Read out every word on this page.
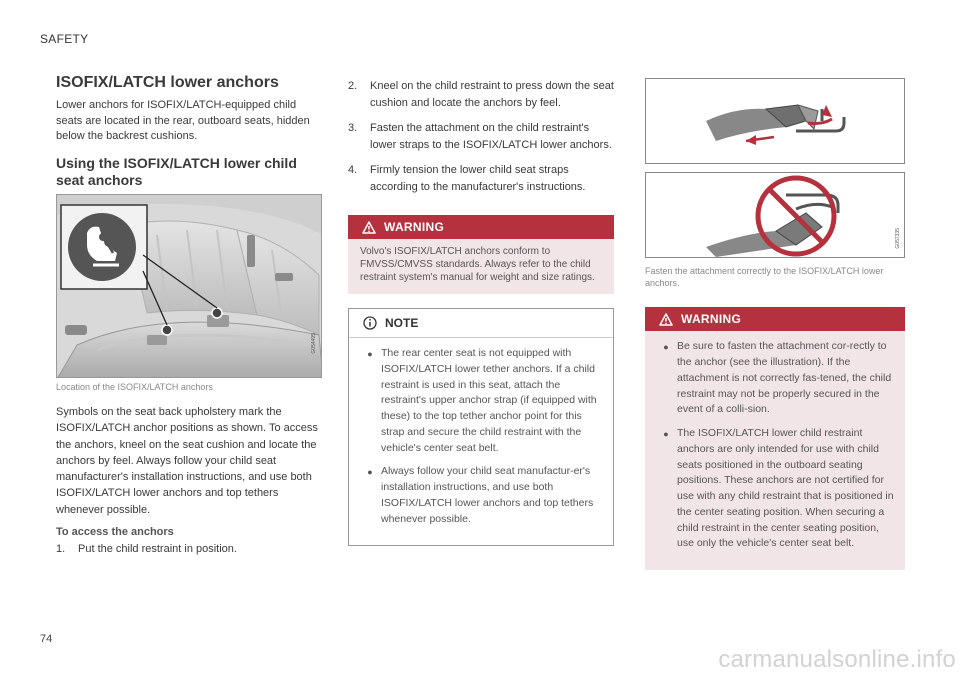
SAFETY
ISOFIX/LATCH lower anchors

Lower anchors for ISOFIX/LATCH-equipped child seats are located in the rear, outboard seats, hidden below the backrest cushions.

Using the ISOFIX/LATCH lower child seat anchors
G054495
Location of the ISOFIX/LATCH anchors

Symbols on the seat back upholstery mark the ISOFIX/LATCH anchor positions as shown. To access the anchors, kneel on the seat cushion and locate the anchors by feel. Always follow your child seat manufacturer's installation instructions, and use both ISOFIX/LATCH lower anchors and top tethers whenever possible.

To access the anchors
1.	Put the child restraint in position.
2.	Kneel on the child restraint to press down the seat cushion and locate the anchors by feel.
3.	Fasten the attachment on the child restraint's lower straps to the ISOFIX/LATCH lower anchors.
4.	Firmly tension the lower child seat straps according to the manufacturer's instructions.
WARNING
Volvo's ISOFIX/LATCH anchors conform to FMVSS/CMVSS standards. Always refer to the child restraint system's manual for weight and size ratings.
NOTE
● The rear center seat is not equipped with ISOFIX/LATCH lower tether anchors. If a child restraint is used in this seat, attach the restraint's upper anchor strap (if equipped with these) to the top tether anchor point for this strap and secure the child restraint with the vehicle's center seat belt.
● Always follow your child seat manufactur-er's installation instructions, and use both ISOFIX/LATCH lower anchors and top tethers whenever possible.
G057335
Fasten the attachment correctly to the ISOFIX/LATCH lower anchors.
WARNING
● Be sure to fasten the attachment cor-rectly to the anchor (see the illustration). If the attachment is not correctly fas-tened, the child restraint may not be properly secured in the event of a colli-sion.
● The ISOFIX/LATCH lower child restraint anchors are only intended for use with child seats positioned in the outboard seating positions. These anchors are not certified for use with any child restraint that is positioned in the center seating position. When securing a child restraint in the center seating position, use only the vehicle's center seat belt.
74
carmanualsonline.info
